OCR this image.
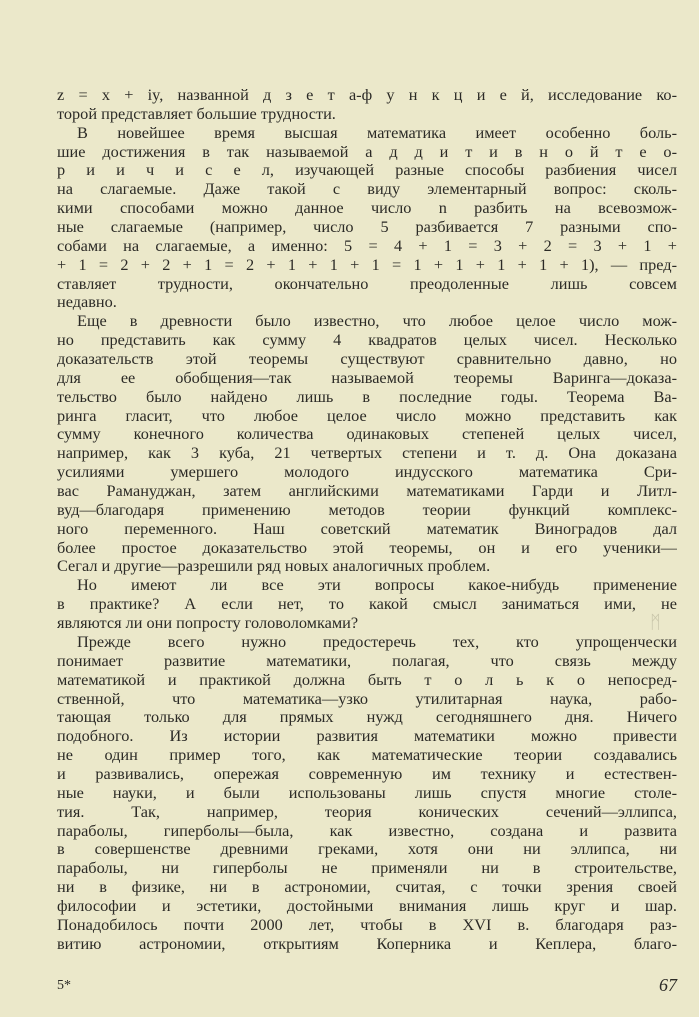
z = x + iy, названной д з е т а-ф у н к ц и е й, исследование ко-
торой представляет большие трудности.
В новейшее время высшая математика имеет особенно боль-
шие достижения в так называемой а д д и т и в н о й т е о-
р и и ч и с е л, изучающей разные способы разбиения чисел
на слагаемые. Даже такой с виду элементарный вопрос: сколь-
кими способами можно данное число n разбить на всевозмож-
ные слагаемые (например, число 5 разбивается 7 разными спо-
собами на слагаемые, а именно: 5 = 4 + 1 = 3 + 2 = 3 + 1 +
+ 1 = 2 + 2 + 1 = 2 + 1 + 1 + 1 = 1 + 1 + 1 + 1 + 1), — пред-
ставляет трудности, окончательно преодоленные лишь совсем
недавно.
Еще в древности было известно, что любое целое число мож-
но представить как сумму 4 квадратов целых чисел. Несколько
доказательств этой теоремы существуют сравнительно давно, но
для ее обобщения—так называемой теоремы Варинга—доказа-
тельство было найдено лишь в последние годы. Теорема Ва-
ринга гласит, что любое целое число можно представить как
сумму конечного количества одинаковых степеней целых чисел,
например, как 3 куба, 21 четвертых степени и т. д. Она доказана
усилиями умершего молодого индусского математика Сри-
вас Рамануджан, затем английскими математиками Гарди и Литл-
вуд—благодаря применению методов теории функций комплекс-
ного переменного. Наш советский математик Виноградов дал
более простое доказательство этой теоремы, он и его ученики—
Сегал и другие—разрешили ряд новых аналогичных проблем.
Но имеют ли все эти вопросы какое-нибудь применение
в практике? А если нет, то какой смысл заниматься ими, не
являются ли они попросту головоломками?
Прежде всего нужно предостеречь тех, кто упрощенчески
понимает развитие математики, полагая, что связь между
математикой и практикой должна быть т о л ь к о непосред-
ственной, что математика—узко утилитарная наука, рабо-
тающая только для прямых нужд сегодняшнего дня. Ничего
подобного. Из истории развития математики можно привести
не один пример того, как математические теории создавались
и развивались, опережая современную им технику и естествен-
ные науки, и были использованы лишь спустя многие столе-
тия. Так, например, теория конических сечений—эллипса,
параболы, гиперболы—была, как известно, создана и развита
в совершенстве древними греками, хотя они ни эллипса, ни
параболы, ни гиперболы не применяли ни в строительстве,
ни в физике, ни в астрономии, считая, с точки зрения своей
философии и эстетики, достойными внимания лишь круг и шар.
Понадобилось почти 2000 лет, чтобы в XVI в. благодаря раз-
витию астрономии, открытиям Коперника и Кеплера, благо-
5*	67
ᛗ
